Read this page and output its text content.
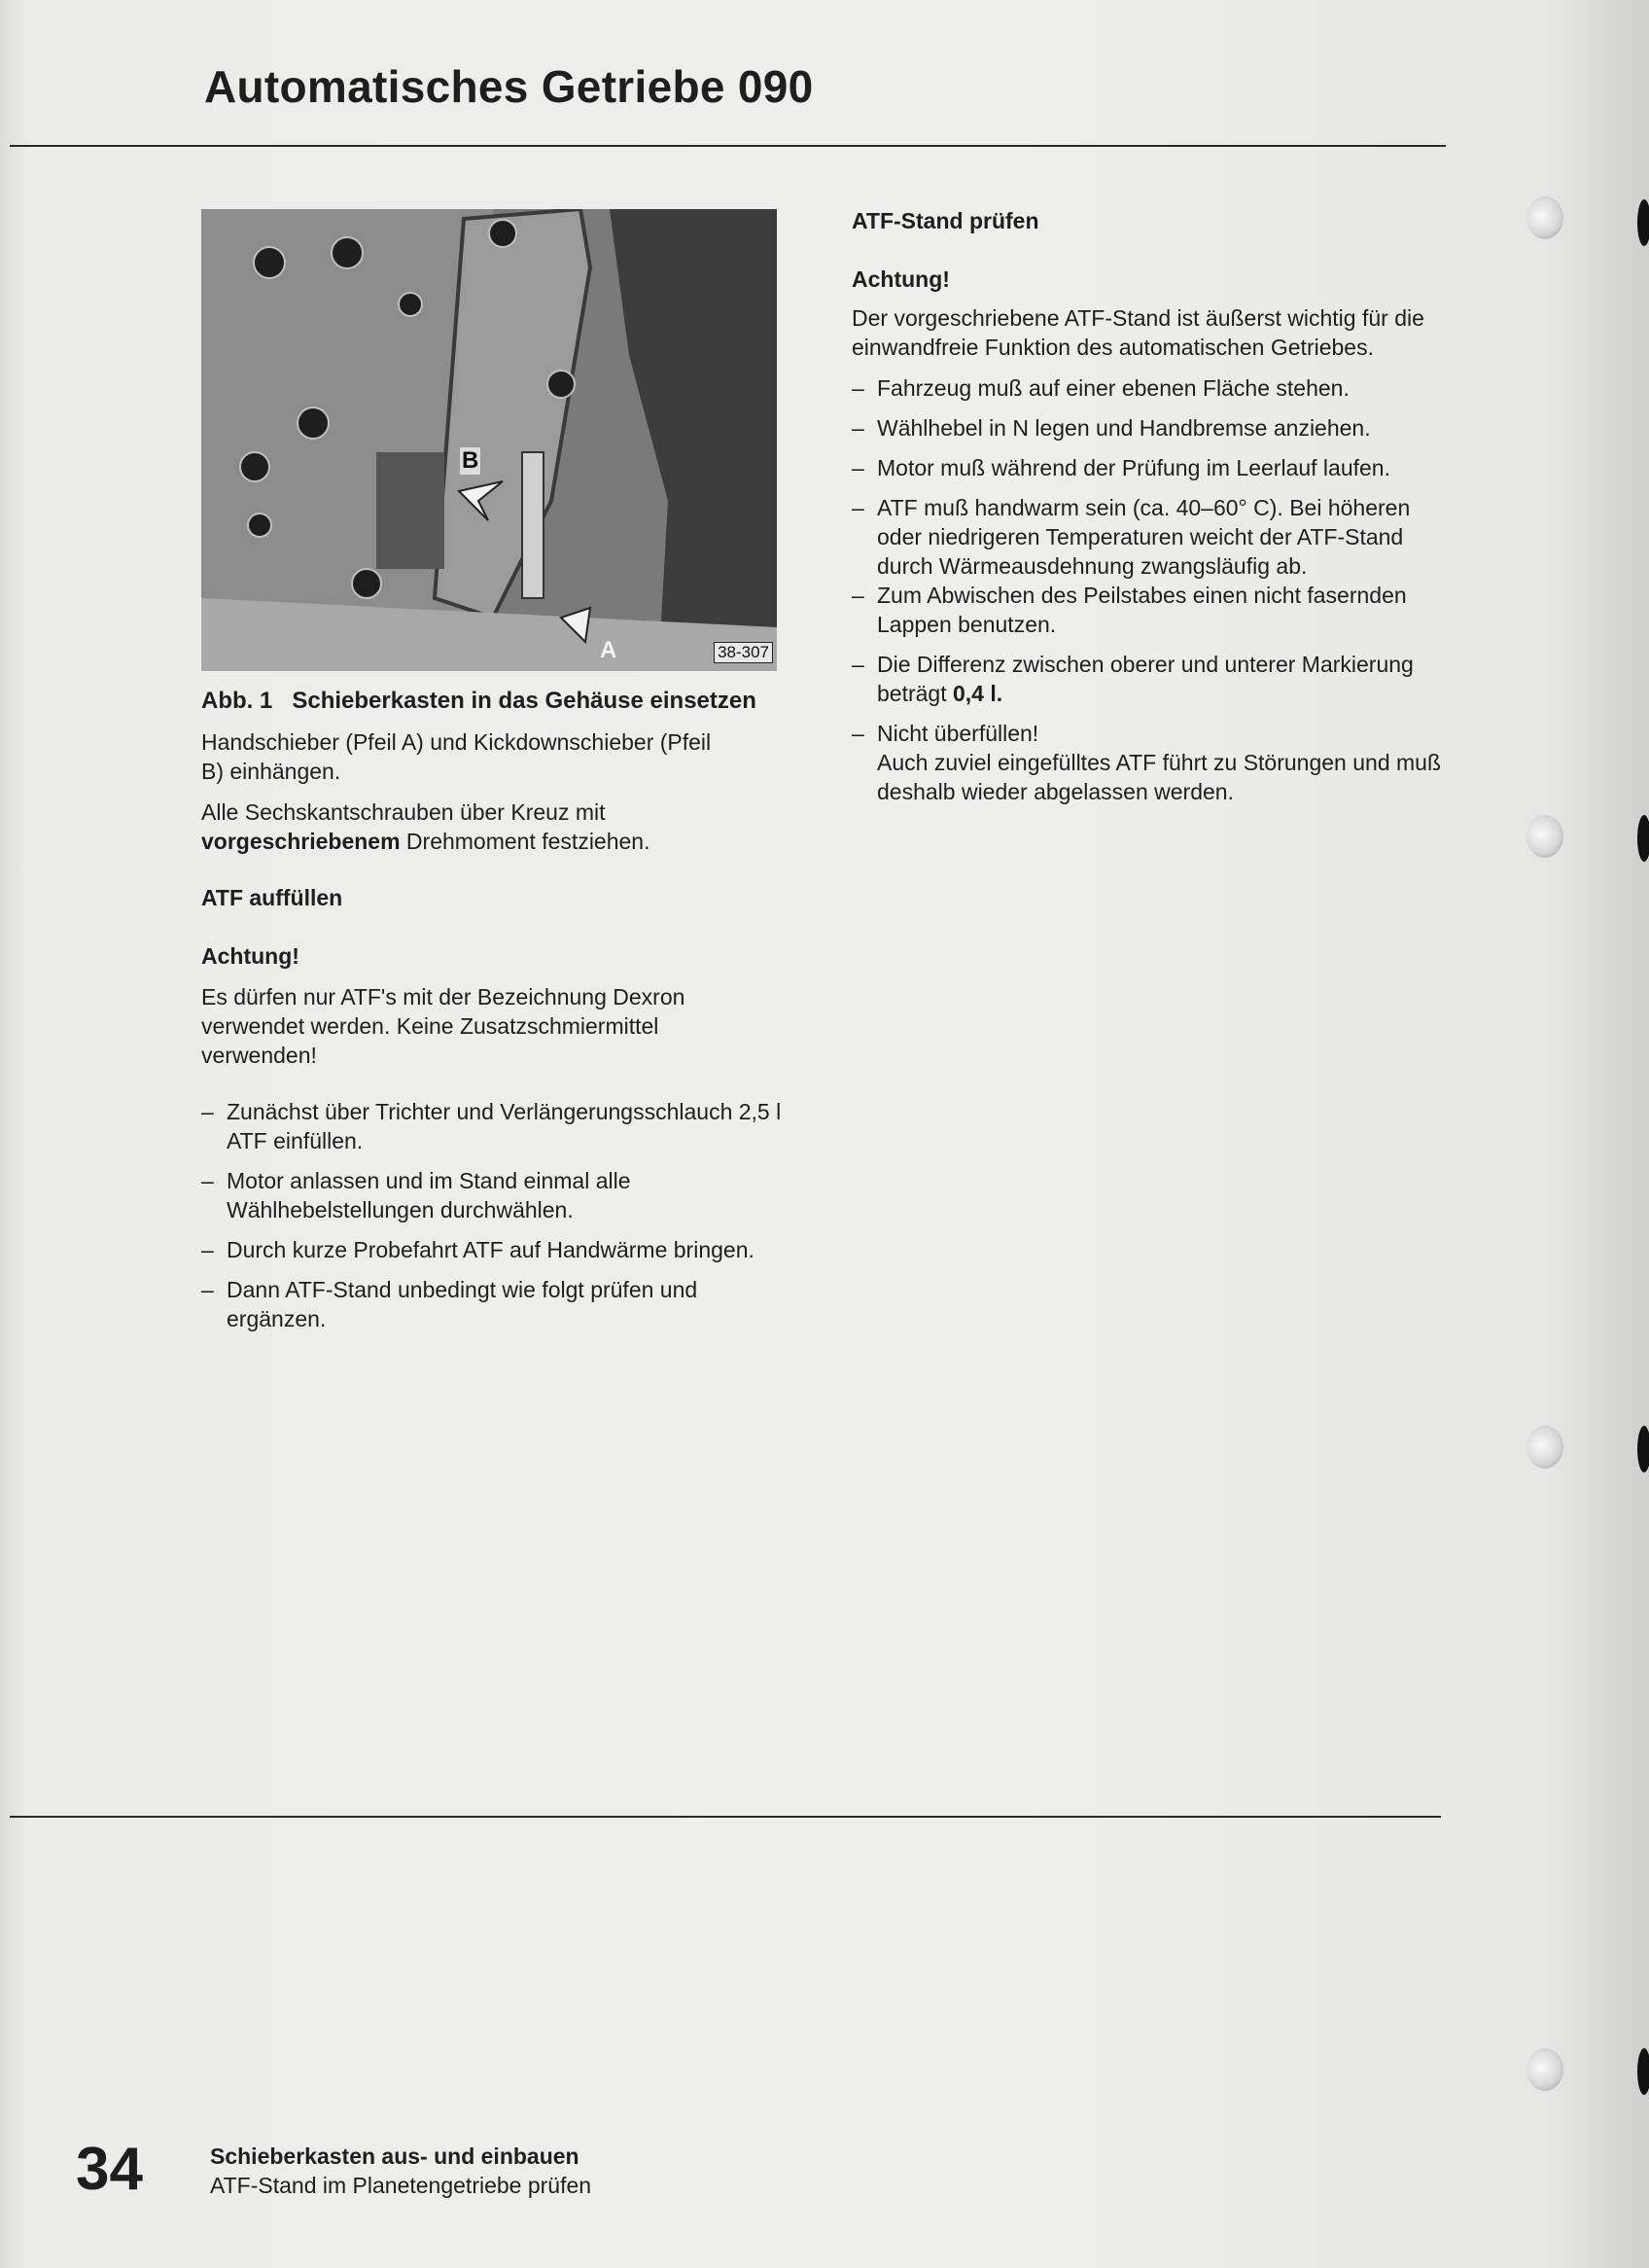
Automatisches Getriebe 090
B
A	38-307

Abb. 1 Schieberkasten in das Gehäuse einsetzen

Handschieber (Pfeil A) und Kickdownschieber (Pfeil B) einhängen.

Alle Sechskantschrauben über Kreuz mit vorgeschriebenem Drehmoment festziehen.

ATF auffüllen

Achtung!

Es dürfen nur ATF's mit der Bezeichnung Dexron verwendet werden. Keine Zusatzschmiermittel verwenden!

– Zunächst über Trichter und Verlängerungsschlauch 2,5 l ATF einfüllen.

– Motor anlassen und im Stand einmal alle Wählhebelstellungen durchwählen.

– Durch kurze Probefahrt ATF auf Handwärme bringen.

– Dann ATF-Stand unbedingt wie folgt prüfen und ergänzen.

ATF-Stand prüfen

Achtung!

Der vorgeschriebene ATF-Stand ist äußerst wichtig für die einwandfreie Funktion des automatischen Getriebes.

– Fahrzeug muß auf einer ebenen Fläche stehen.

– Wählhebel in N legen und Handbremse anziehen.

– Motor muß während der Prüfung im Leerlauf laufen.

– ATF muß handwarm sein (ca. 40–60° C). Bei höheren oder niedrigeren Temperaturen weicht der ATF-Stand durch Wärmeausdehnung zwangsläufig ab.

– Zum Abwischen des Peilstabes einen nicht fasernden Lappen benutzen.

– Die Differenz zwischen oberer und unterer Markierung beträgt 0,4 l.

– Nicht überfüllen!
Auch zuviel eingefülltes ATF führt zu Störungen und muß deshalb wieder abgelassen werden.

34	Schieberkasten aus- und einbauen
ATF-Stand im Planetengetriebe prüfen
